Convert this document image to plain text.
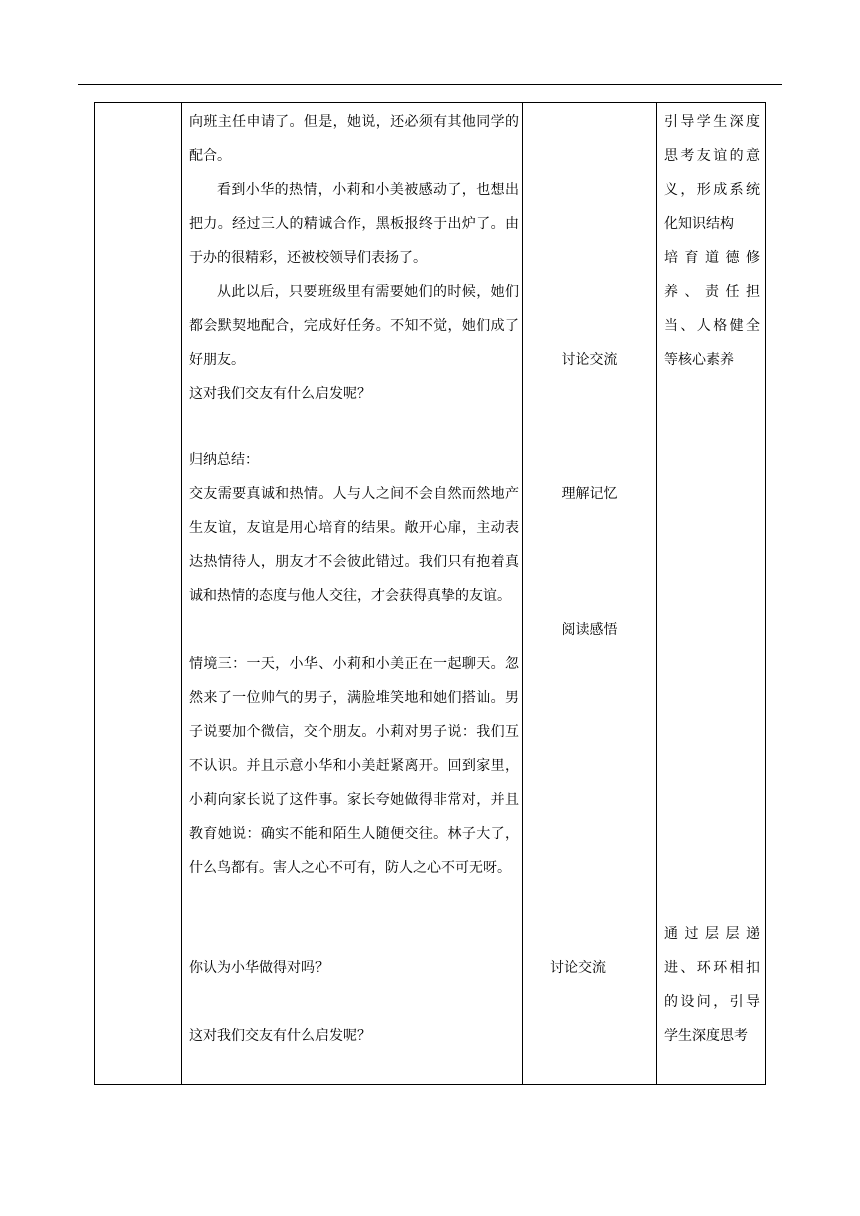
向班主任申请了。但是，她说，还必须有其他同学的配合。

看到小华的热情，小莉和小美被感动了，也想出把力。经过三人的精诚合作，黑板报终于出炉了。由于办的很精彩，还被校领导们表扬了。

从此以后，只要班级里有需要她们的时候，她们都会默契地配合，完成好任务。不知不觉，她们成了好朋友。

这对我们交友有什么启发呢？

归纳总结：

交友需要真诚和热情。人与人之间不会自然而然地产生友谊，友谊是用心培育的结果。敞开心扉，主动表达热情待人，朋友才不会彼此错过。我们只有抱着真诚和热情的态度与他人交往，才会获得真挚的友谊。

情境三：一天，小华、小莉和小美正在一起聊天。忽然来了一位帅气的男子，满脸堆笑地和她们搭讪。男子说要加个微信，交个朋友。小莉对男子说：我们互不认识。并且示意小华和小美赶紧离开。回到家里，小莉向家长说了这件事。家长夸她做得非常对，并且教育她说：确实不能和陌生人随便交往。林子大了，什么鸟都有。害人之心不可有，防人之心不可无呀。

你认为小华做得对吗？

这对我们交友有什么启发呢？

讨论交流

理解记忆

阅读感悟

讨论交流

引导学生深度思考友谊的意义，形成系统化知识结构

培育道德修养、责任担当、人格健全等核心素养

通过层层递进、环环相扣的设问，引导学生深度思考
